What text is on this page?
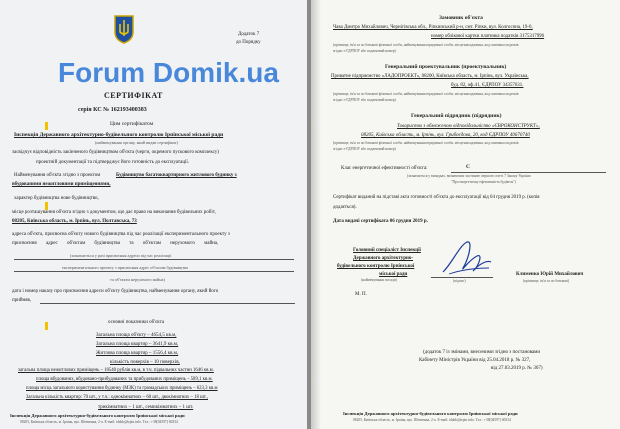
Додаток 7
до Порядку
СЕРТИФІКАТ
серія КС № 162193400383
Цим сертифікатом
Інспекція Державного архітектурно-будівельного контролю Ірпінської міської ради
(найменування органу, який видав сертифікат)
засвідчує відповідність закінченого будівництвом об'єкта (черги, окремого пускового комплексу)
проектній документації та підтверджує його готовність до експлуатації.
Найменування об'єкта згідно з проектом	Будівництво багатоквартирного житлового будинку з
вбудованими нежитловими приміщеннями,
характер будівництва нове будівництво,
місце розташування об'єкта згідно з документом, що дає право на виконання будівельних робіт,
08205, Київська область, м. Ірпінь, вул. Полтавська, 73
адреса об'єкта, присвоєна об'єкту нового будівництва під час реалізації експериментального проекту з
присвоєння адрес об'єктам будівництва та об'єктам нерухомого майна,
(зазначається у разі присвоєння адреси під час реалізації
експериментального проекту з присвоєння адрес об'єктам будівництва
та об'єктам нерухомого майна)
дата і номер наказу про присвоєння адреси об'єкту будівництва, найменування органу, який його
прийняв,
основні показники об'єкта
Загальна площа об'єкту – 4654,5 кв.м,
Загальна площа квартир – 3641,9 кв.м,
Житлова площа квартир – 1556,4 кв.м,
кількість поверхів – 10 поверхів,
загальна площа нежитлових приміщень – 18540 рублів кв.м, в т.ч. підвальних частин 1646 кв.м.
площа вбудованих, вбудовано-прибудованих та прибудованих приміщень – 589,1 кв.м.
площа місць загального користування будинку (МЗК) та громадських приміщень – 623,3 кв.м
Загальна кількість квартир: 70 шт., у т.ч.: однокімнатних – 60 шт., двокімнатних – 18 шт.,
трикімнатних – 1 шт., семикімнатних – 1 шт.
Інспекція Державного архітектурно-будівельного контролю Ірпінської міської ради
08205, Київська область, м. Ірпінь, вул. Шевченка, 2-а. E-mail: idabk@irpin.info. Тел.: +38(04597) 60334
Замовник об'єкта
Чава Дмитро Михайлович, Чернігівська обл., Ріпкинський р-н, смт. Ріпки, вул. Колгоспна, 19-0,
номер облікової картки платника податків 3175317996
(прізвище, ім'я та по батькові фізичної особи, найменування юридичної особи, місцезнаходження, код платника податків
згідно з ЄДРПОУ або податковий номер)
Генеральний проектувальник (проектувальник)
Приватне підприємство «ЛАДОПРОЕКТ», 08200, Київська область, м. Ірпінь, вул. Українська,
буд. 82, оф.41, ЄДРПОУ 34357631.
(прізвище, ім'я та по батькові фізичної особи, найменування юридичної особи, місцезнаходження, код платника податків
згідно з ЄДРПОУ або податковий номер)
Генеральний підрядник (підрядник)
Товариство з обмеженою відповідальністю «ЄВРОКОНСТРУКТ»,
08205, Київська область, м. Ірпінь, вул. Грибоєдова, 20, код ЄДРПОУ 40670740
(прізвище, ім'я та по батькові фізичної особи, найменування юридичної особи, місцезнаходження, код платника податків
згідно з ЄДРПОУ або податковий номер)
Клас енергетичної ефективності об'єкта:	С
(зазначається у випадках, визначених частиною першою статті 7 Закону України
"Про енергетичну ефективність будівель")
Сертифікат виданий на підставі акта готовності об'єкта до експлуатації від 04 грудня 2019 р. (копія
додається).
Дата видачі сертифіката 06 грудня 2019 р.
Головний спеціаліст Інспекції
Державного архітектурно-
будівельного контролю Ірпінської
міської ради
(найменування посади)	(підпис)
Клименко Юрій Михайлович
(прізвище, ім'я та по батькові)
М. П.
(додаток 7 із змінами, внесеними згідно з постановами
Кабінету Міністрів України від 25.04.2018 р. № 327,
від 27.03.2019 р. № 367)
Інспекція Державного архітектурно-будівельного контролю Ірпінської міської ради
08205, Київська область, м. Ірпінь, вул. Шевченка, 2-а. E-mail: idabk@irpin.info. Тел.: +38(04597) 60334
Forum Domik.ua
